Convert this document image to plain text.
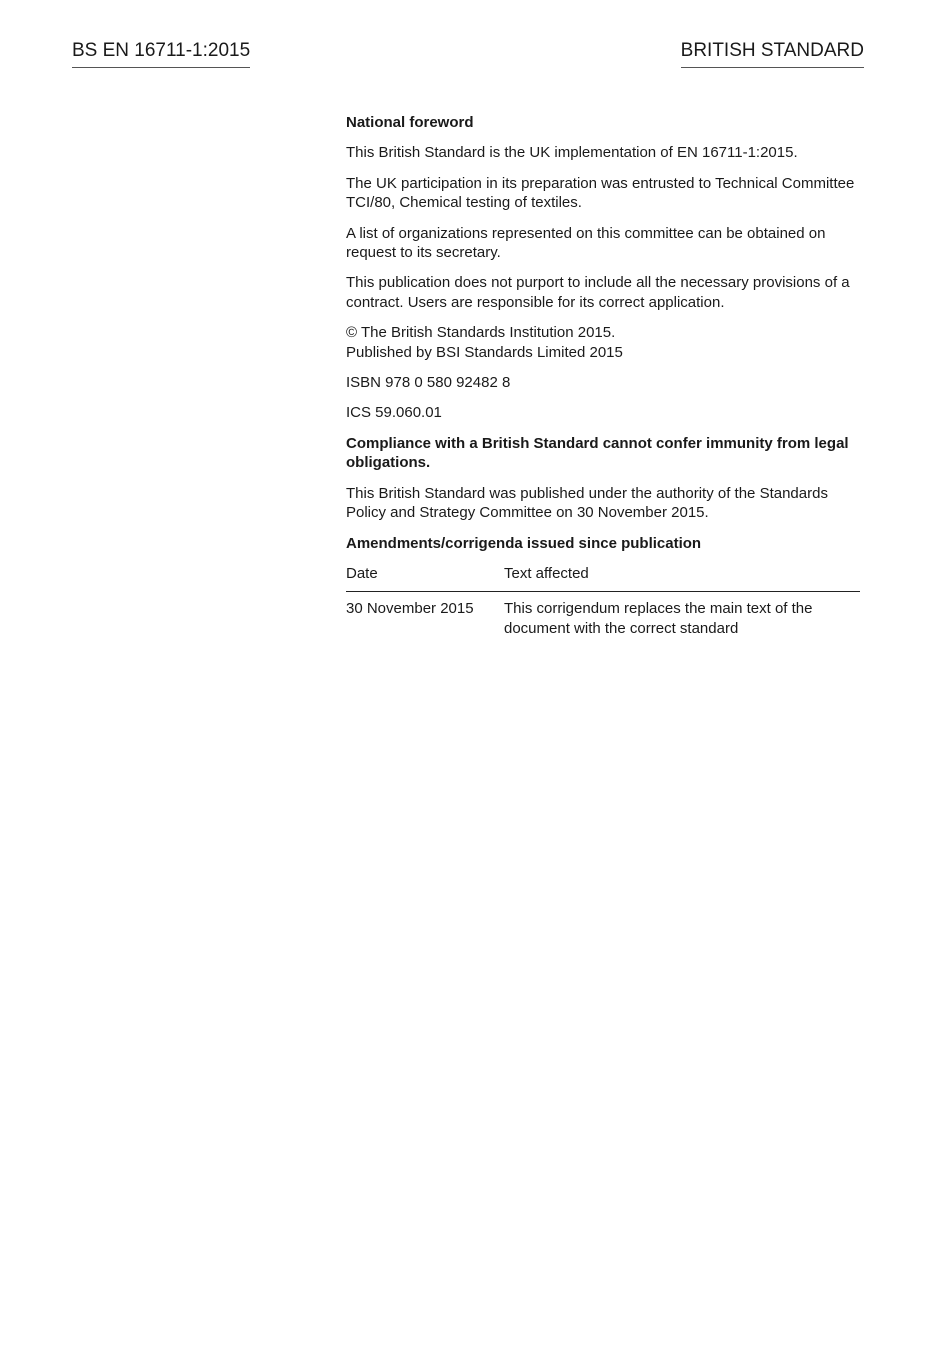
BS EN 16711-1:2015	BRITISH STANDARD

National foreword

This British Standard is the UK implementation of EN 16711-1:2015.

The UK participation in its preparation was entrusted to Technical Committee TCI/80, Chemical testing of textiles.

A list of organizations represented on this committee can be obtained on request to its secretary.

This publication does not purport to include all the necessary provisions of a contract. Users are responsible for its correct application.

© The British Standards Institution 2015.
Published by BSI Standards Limited 2015

ISBN 978 0 580 92482 8

ICS 59.060.01

Compliance with a British Standard cannot confer immunity from legal obligations.

This British Standard was published under the authority of the Standards Policy and Strategy Committee on 30 November 2015.

Amendments/corrigenda issued since publication

Date	Text affected
30 November 2015	This corrigendum replaces the main text of the document with the correct standard
